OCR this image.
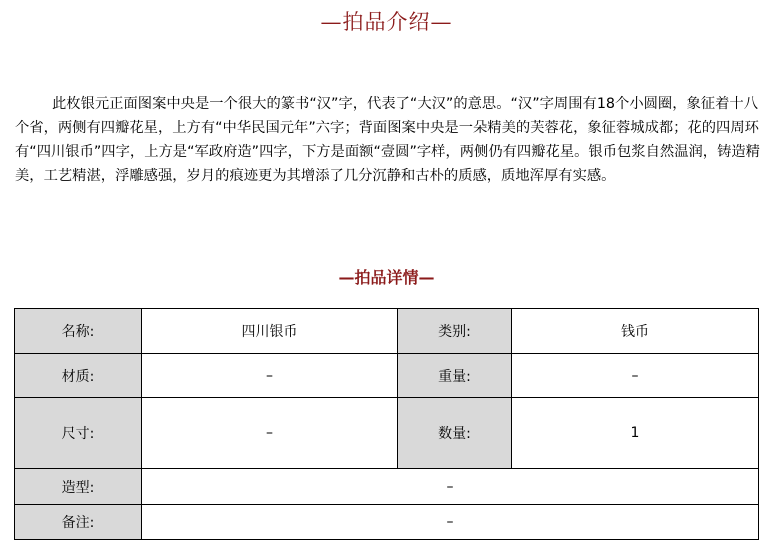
—拍品介绍—

此枚银元正面图案中央是一个很大的篆书“汉”字，代表了“大汉”的意思。“汉”字周围有18个小圆圈，象征着十八个省，两侧有四瓣花星，上方有“中华民国元年”六字；背面图案中央是一朵精美的芙蓉花，象征蓉城成都；花的四周环有“四川银币”四字，上方是“军政府造”四字，下方是面额“壹圆”字样，两侧仍有四瓣花星。银币包浆自然温润，铸造精美，工艺精湛，浮雕感强，岁月的痕迹更为其增添了几分沉静和古朴的质感，质地浑厚有实感。

—拍品详情—
名称:	四川银币	类别:	钱币
材质:	–	重量:	–
尺寸:	–	数量:	1
造型:	–		
备注:	–		
